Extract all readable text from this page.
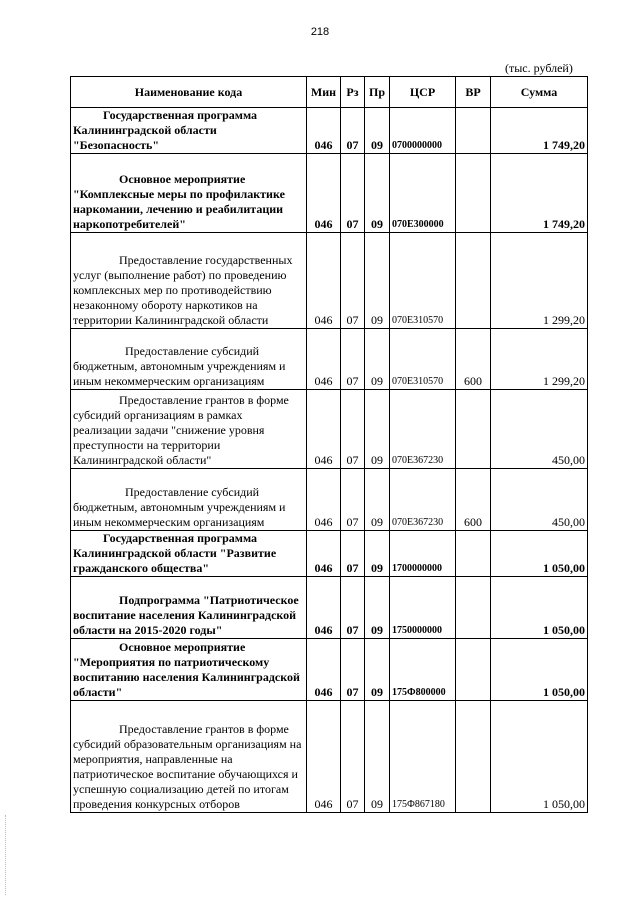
218
(тыс. рублей)
Наименование кода	Мин	Рз	Пр	ЦСР	ВР	Сумма
Государственная программа Калининградской области "Безопасность"	046	07	09	0700000000		1 749,20
Основное мероприятие "Комплексные меры по профилактике наркомании, лечению и реабилитации наркопотребителей"	046	07	09	070Е300000		1 749,20
Предоставление государственных услуг (выполнение работ) по проведению комплексных мер по противодействию незаконному обороту наркотиков на территории Калининградской области	046	07	09	070Е310570		1 299,20
Предоставление субсидий бюджетным, автономным учреждениям и иным некоммерческим организациям	046	07	09	070Е310570	600	1 299,20
Предоставление грантов в форме субсидий организациям в рамках реализации задачи "снижение уровня преступности на территории Калининградской области"	046	07	09	070Е367230		450,00
Предоставление субсидий бюджетным, автономным учреждениям и иным некоммерческим организациям	046	07	09	070Е367230	600	450,00
Государственная программа Калининградской области "Развитие гражданского общества"	046	07	09	1700000000		1 050,00
Подпрограмма "Патриотическое воспитание населения Калининградской области на 2015-2020 годы"	046	07	09	1750000000		1 050,00
Основное мероприятие "Мероприятия по патриотическому воспитанию населения Калининградской области"	046	07	09	175Ф800000		1 050,00
Предоставление грантов в форме субсидий образовательным организациям на мероприятия, направленные на патриотическое воспитание обучающихся и успешную социализацию детей по итогам проведения конкурсных отборов	046	07	09	175Ф867180		1 050,00
